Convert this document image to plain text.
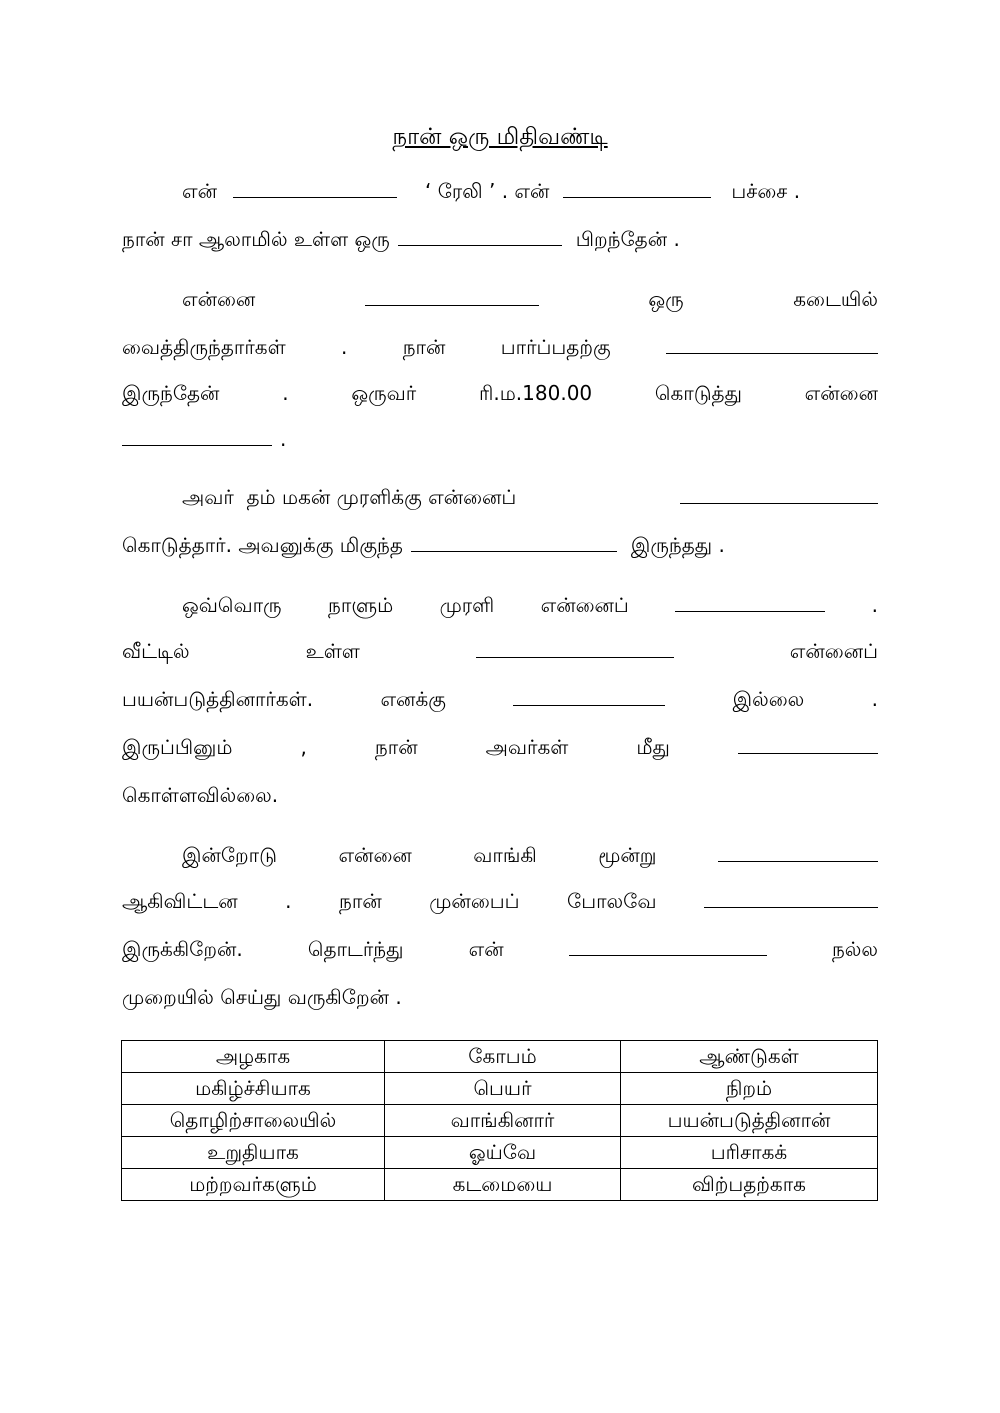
நான் ஒரு மிதிவண்டி
என்	‘ ரேலி ’ . என்	பச்சை .
நான் சா ஆலாமில் உள்ள ஒரு	பிறந்தேன் .
என்னை	ஒரு	கடையில்
வைத்திருந்தார்கள்	.	நான்	பார்ப்பதற்கு
இருந்தேன்	.	ஒருவர்	ரி.ம.180.00	கொடுத்து	என்னை
.
அவர்  தம் மகன் முரளிக்கு என்னைப்
கொடுத்தார். அவனுக்கு மிகுந்த	இருந்தது .
ஒவ்வொரு நாளும் முரளி என்னைப்	.
வீட்டில்	உள்ள	என்னைப்
பயன்படுத்தினார்கள்.	எனக்கு	இல்லை	.
இருப்பினும்	,	நான்	அவர்கள்	மீது
கொள்ளவில்லை.
இன்றோடு	என்னை	வாங்கி	மூன்று
ஆகிவிட்டன . நான் முன்பைப் போலவே
இருக்கிறேன்.	தொடர்ந்து	என்	நல்ல
முறையில் செய்து வருகிறேன் .
அழகாக	கோபம்	ஆண்டுகள்
மகிழ்ச்சியாக	பெயர்	நிறம்
தொழிற்சாலையில்	வாங்கினார்	பயன்படுத்தினான்
உறுதியாக	ஓய்வே	பரிசாகக்
மற்றவர்களும்	கடமையை	விற்பதற்காக
